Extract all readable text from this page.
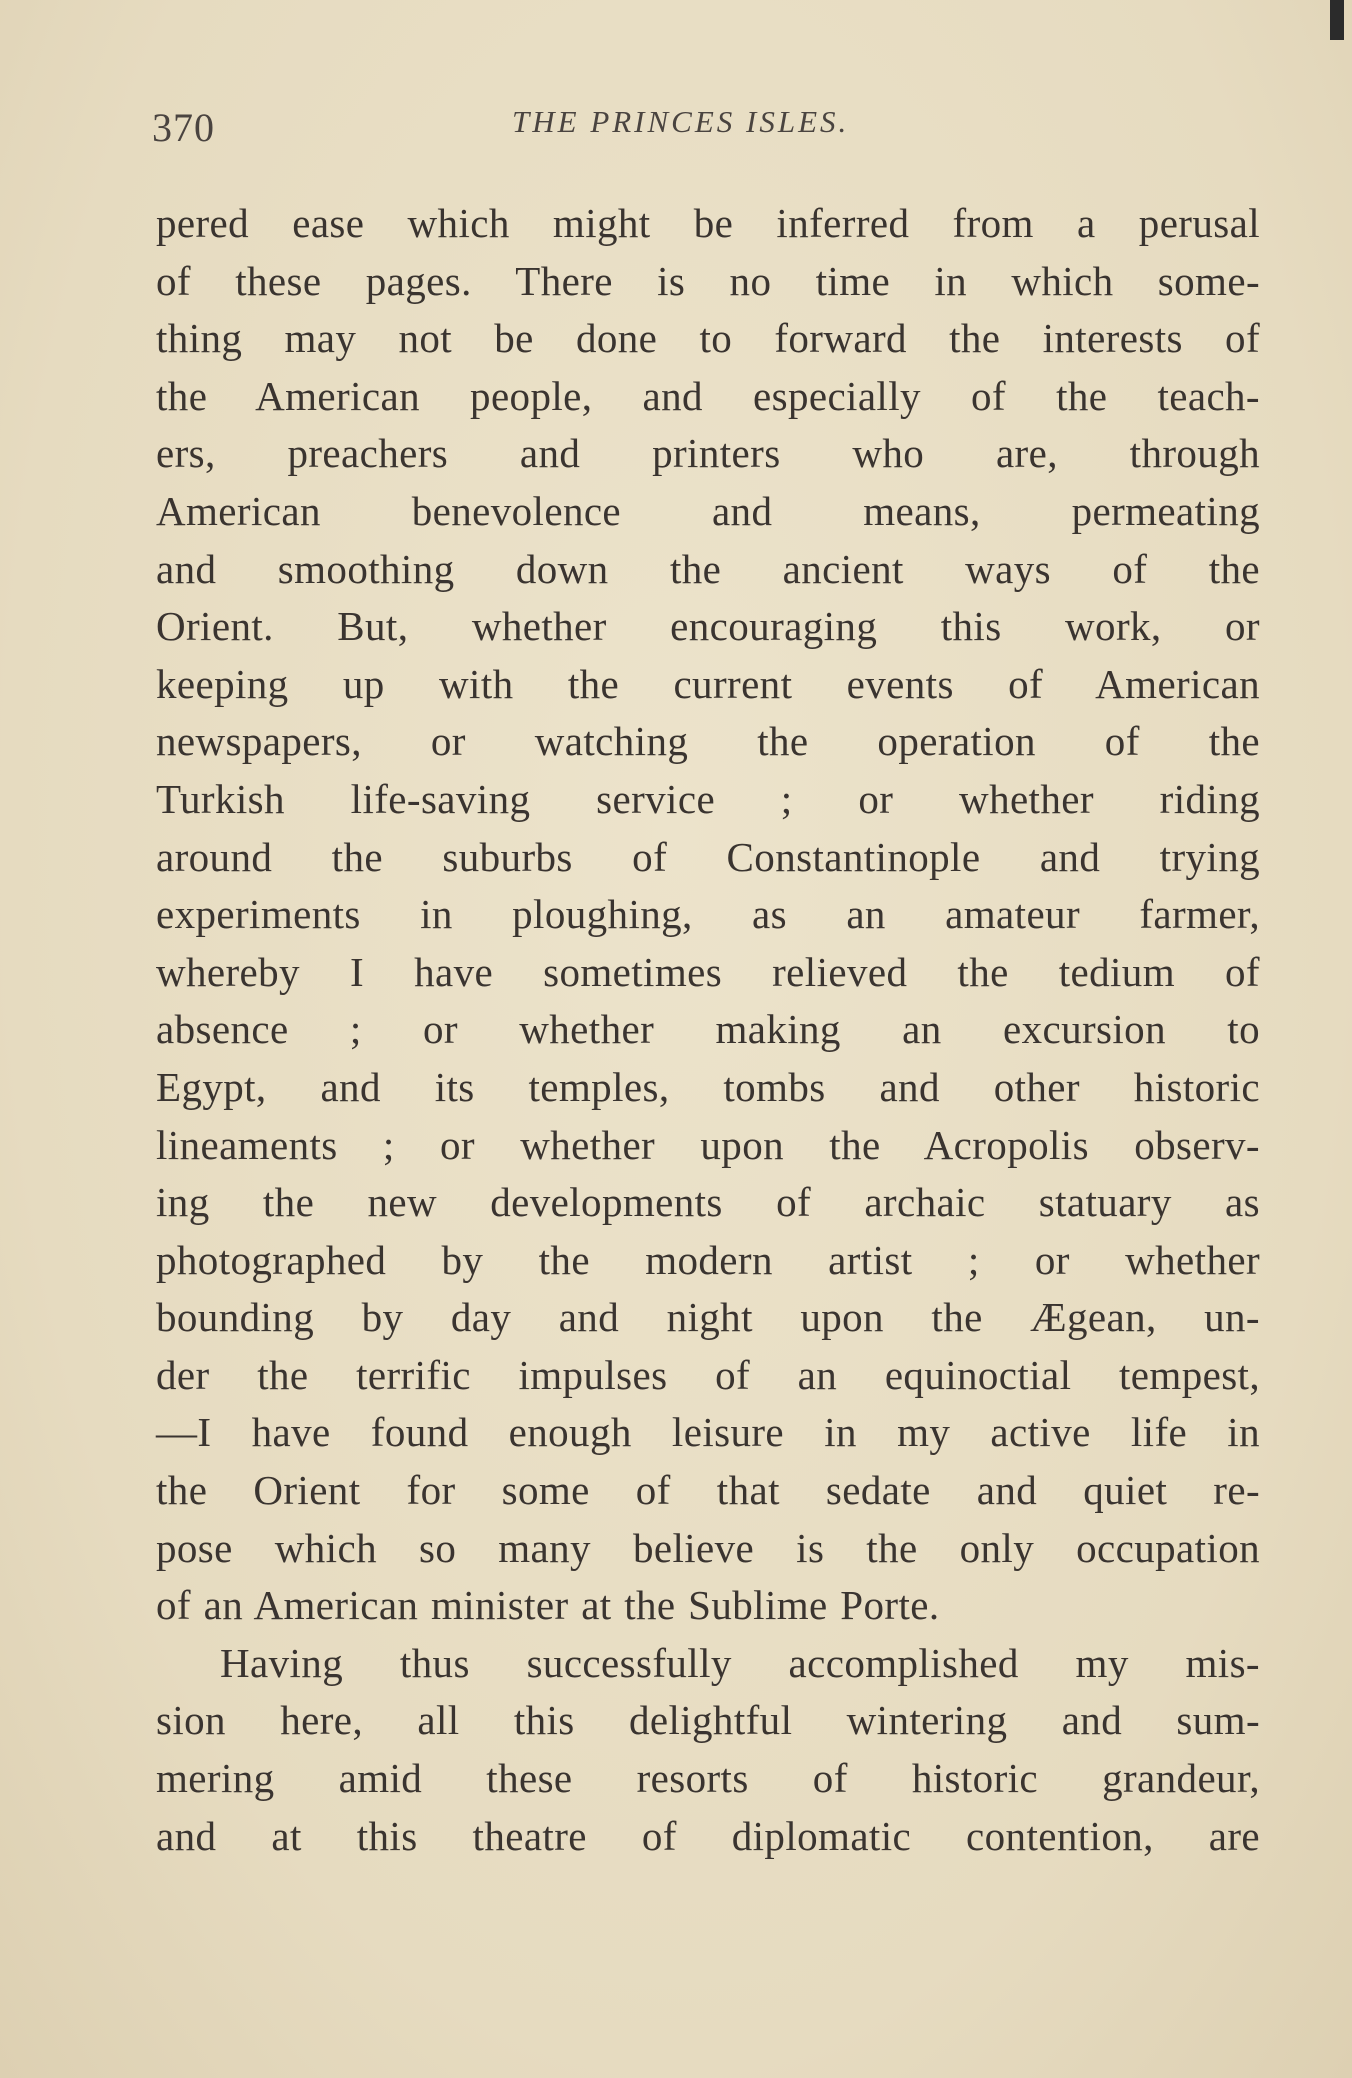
370	THE PRINCES ISLES.
pered ease which might be inferred from a perusal
of these pages. There is no time in which some-
thing may not be done to forward the interests of
the American people, and especially of the teach-
ers, preachers and printers who are, through
American benevolence and means, permeating
and smoothing down the ancient ways of the
Orient. But, whether encouraging this work, or
keeping up with the current events of American
newspapers, or watching the operation of the
Turkish life-saving service ; or whether riding
around the suburbs of Constantinople and trying
experiments in ploughing, as an amateur farmer,
whereby I have sometimes relieved the tedium of
absence ; or whether making an excursion to
Egypt, and its temples, tombs and other historic
lineaments ; or whether upon the Acropolis observ-
ing the new developments of archaic statuary as
photographed by the modern artist ; or whether
bounding by day and night upon the Ægean, un-
der the terrific impulses of an equinoctial tempest,
—I have found enough leisure in my active life in
the Orient for some of that sedate and quiet re-
pose which so many believe is the only occupation
of an American minister at the Sublime Porte.
Having thus successfully accomplished my mis-
sion here, all this delightful wintering and sum-
mering amid these resorts of historic grandeur,
and at this theatre of diplomatic contention, are
